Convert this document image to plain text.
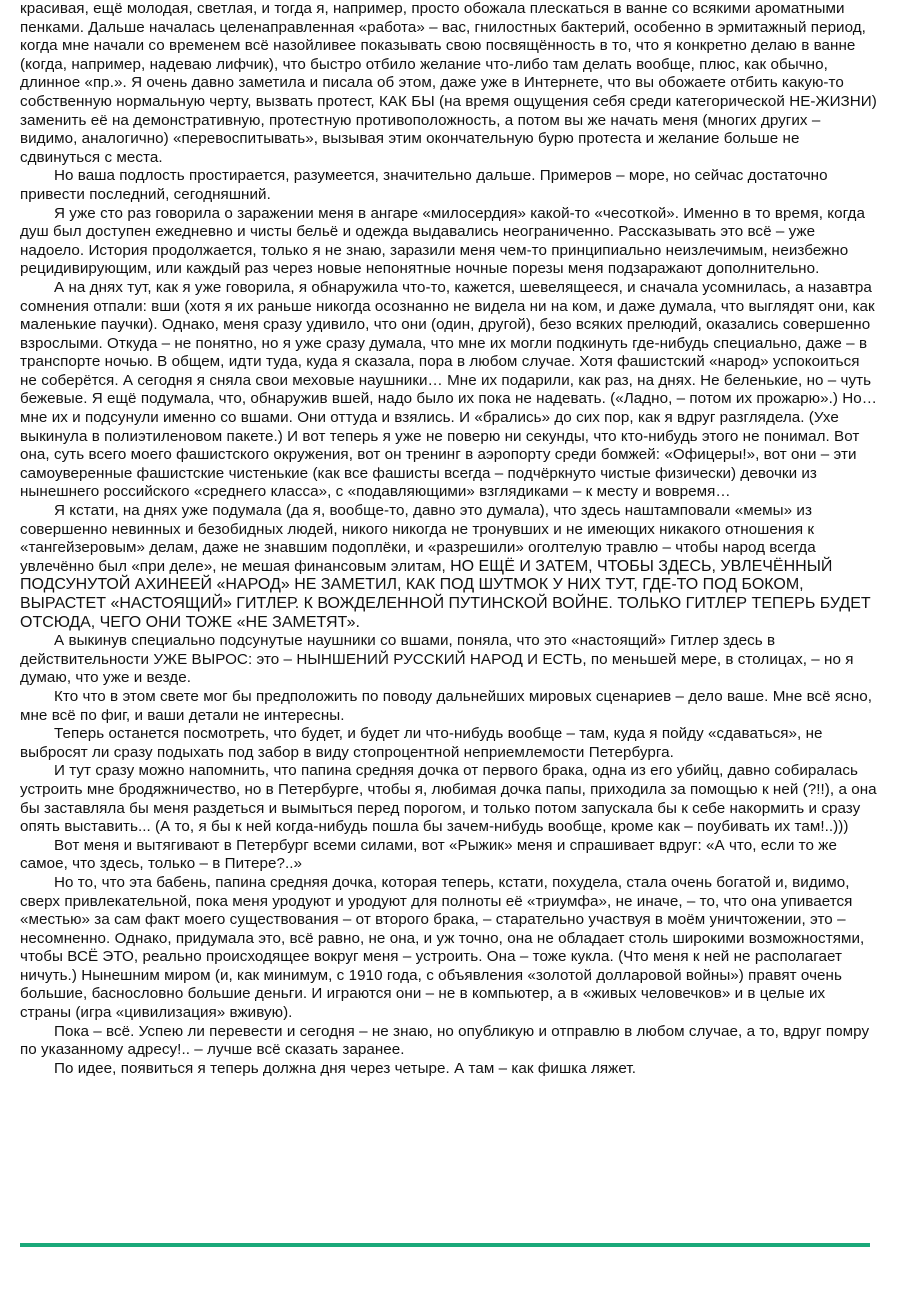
красивая, ещё молодая, светлая, и тогда я, например, просто обожала плескаться в ванне со всякими ароматными пенками. Дальше началась целенаправленная «работа» – вас, гнилостных бактерий, особенно в эрмитажный период, когда мне начали со временем всё назойливее показывать свою посвящённость в то, что я конкретно делаю в ванне (когда, например, надеваю лифчик), что быстро отбило желание что-либо там делать вообще, плюс, как обычно, длинное «пр.». Я очень давно заметила и писала об этом, даже уже в Интернете, что вы обожаете отбить какую-то собственную нормальную черту, вызвать протест, КАК БЫ (на время ощущения себя среди категорической НЕ-ЖИЗНИ) заменить её на демонстративную, протестную противоположность, а потом вы же начать меня (многих других – видимо, аналогично) «перевоспитывать», вызывая этим окончательную бурю протеста и желание больше не сдвинуться с места.

Но ваша подлость простирается, разумеется, значительно дальше. Примеров – море, но сейчас достаточно привести последний, сегодняшний.

Я уже сто раз говорила о заражении меня в ангаре «милосердия» какой-то «чесоткой». Именно в то время, когда душ был доступен ежедневно и чисты бельё и одежда выдавались неограниченно. Рассказывать это всё – уже надоело. История продолжается, только я не знаю, заразили меня чем-то принципиально неизлечимым, неизбежно рецидивирующим, или каждый раз через новые непонятные ночные порезы меня подзаражают дополнительно.

А на днях тут, как я уже говорила, я обнаружила что-то, кажется, шевелящееся, и сначала усомнилась, а назавтра сомнения отпали: вши (хотя я их раньше никогда осознанно не видела ни на ком, и даже думала, что выглядят они, как маленькие паучки). Однако, меня сразу удивило, что они (один, другой), безо всяких прелюдий, оказались совершенно взрослыми. Откуда – не понятно, но я уже сразу думала, что мне их могли подкинуть где-нибудь специально, даже – в транспорте ночью. В общем, идти туда, куда я сказала, пора в любом случае. Хотя фашистский «народ» успокоиться не соберётся. А сегодня я сняла свои меховые наушники… Мне их подарили, как раз, на днях. Не беленькие, но – чуть бежевые. Я ещё подумала, что, обнаружив вшей, надо было их пока не надевать. («Ладно, – потом их прожарю».) Но… мне их и подсунули именно со вшами. Они оттуда и взялись. И «брались» до сих пор, как я вдруг разглядела. (Ухе выкинула в полиэтиленовом пакете.) И вот теперь я уже не поверю ни секунды, что кто-нибудь этого не понимал. Вот она, суть всего моего фашистского окружения, вот он тренинг в аэропорту среди бомжей: «Офицеры!», вот они – эти самоуверенные фашистские чистенькие (как все фашисты всегда – подчёркнуто чистые физически) девочки из нынешнего российского «среднего класса», с «подавляющими» взглядиками – к месту и вовремя…

Я кстати, на днях уже подумала (да я, вообще-то, давно это думала), что здесь наштамповали «мемы» из совершенно невинных и безобидных людей, никого никогда не тронувших и не имеющих никакого отношения к «тангейзеровым» делам, даже не знавшим подоплёки, и «разрешили» оголтелую травлю – чтобы народ всегда увлечённо был «при деле», не мешая финансовым элитам, НО ЕЩЁ И ЗАТЕМ, ЧТОБЫ ЗДЕСЬ, УВЛЕЧЁННЫЙ ПОДСУНУТОЙ АХИНЕЕЙ «НАРОД» НЕ ЗАМЕТИЛ, КАК ПОД ШУТМОК У НИХ ТУТ, ГДЕ-ТО ПОД БОКОМ, ВЫРАСТЕТ «НАСТОЯЩИЙ» ГИТЛЕР. К ВОЖДЕЛЕННОЙ ПУТИНСКОЙ ВОЙНЕ. ТОЛЬКО ГИТЛЕР ТЕПЕРЬ БУДЕТ ОТСЮДА, ЧЕГО ОНИ ТОЖЕ «НЕ ЗАМЕТЯТ».

А выкинув специально подсунутые наушники со вшами, поняла, что это «настоящий» Гитлер здесь в действительности УЖЕ ВЫРОС: это – НЫНШЕНИЙ РУССКИЙ НАРОД И ЕСТЬ, по меньшей мере, в столицах, – но я думаю, что уже и везде.

Кто что в этом свете мог бы предположить по поводу дальнейших мировых сценариев – дело ваше. Мне всё ясно, мне всё по фиг, и ваши детали не интересны.

Теперь останется посмотреть, что будет, и будет ли что-нибудь вообще – там, куда я пойду «сдаваться», не выбросят ли сразу подыхать под забор в виду стопроцентной неприемлемости Петербурга.

И тут сразу можно напомнить, что папина средняя дочка от первого брака, одна из его убийц, давно собиралась устроить мне бродяжничество, но в Петербурге, чтобы я, любимая дочка папы, приходила за помощью к ней (?!!), а она бы заставляла бы меня раздеться и вымыться перед порогом, и только потом запускала бы к себе накормить и сразу опять выставить... (А то, я бы к ней когда-нибудь пошла бы зачем-нибудь вообще, кроме как – поубивать их там!..)))

Вот меня и вытягивают в Петербург всеми силами, вот «Рыжик» меня и спрашивает вдруг: «А что, если то же самое, что здесь, только – в Питере?..»

Но то, что эта бабень, папина средняя дочка, которая теперь, кстати, похудела, стала очень богатой и, видимо, сверх привлекательной, пока меня уродуют и уродуют для полноты её «триумфа», не иначе, – то, что она упивается «местью» за сам факт моего существования – от второго брака, – старательно участвуя в моём уничтожении, это – несомненно. Однако, придумала это, всё равно, не она, и уж точно, она не обладает столь широкими возможностями, чтобы ВСЁ ЭТО, реально происходящее вокруг меня – устроить. Она – тоже кукла. (Что меня к ней не располагает ничуть.) Нынешним миром (и, как минимум, с 1910 года, с объявления «золотой долларовой войны») правят очень большие, баснословно большие деньги. И играются они – не в компьютер, а в «живых человечков» и в целые их страны (игра «цивилизация» вживую).

Пока – всё. Успею ли перевести и сегодня – не знаю, но опубликую и отправлю в любом случае, а то, вдруг помру по указанному адресу!.. – лучше всё сказать заранее.

По идее, появиться я теперь должна дня через четыре. А там – как фишка ляжет.
